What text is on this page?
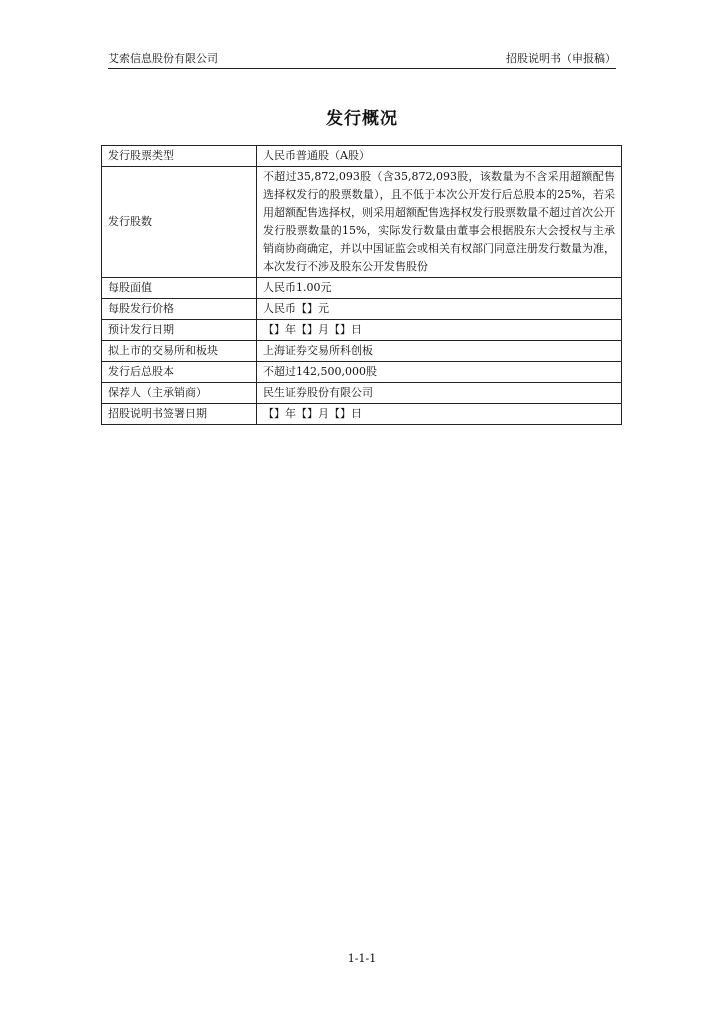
艾索信息股份有限公司	招股说明书（申报稿）
发行概况
发行股票类型	人民币普通股（A股）
发行股数	不超过35,872,093股（含35,872,093股，该数量为不含采用超额配售选择权发行的股票数量），且不低于本次公开发行后总股本的25%，若采用超额配售选择权，则采用超额配售选择权发行股票数量不超过首次公开发行股票数量的15%，实际发行数量由董事会根据股东大会授权与主承销商协商确定，并以中国证监会或相关有权部门同意注册发行数量为准，本次发行不涉及股东公开发售股份
每股面值	人民币1.00元
每股发行价格	人民币【】元
预计发行日期	【】年【】月【】日
拟上市的交易所和板块	上海证券交易所科创板
发行后总股本	不超过142,500,000股
保荐人（主承销商）	民生证券股份有限公司
招股说明书签署日期	【】年【】月【】日
1-1-1
